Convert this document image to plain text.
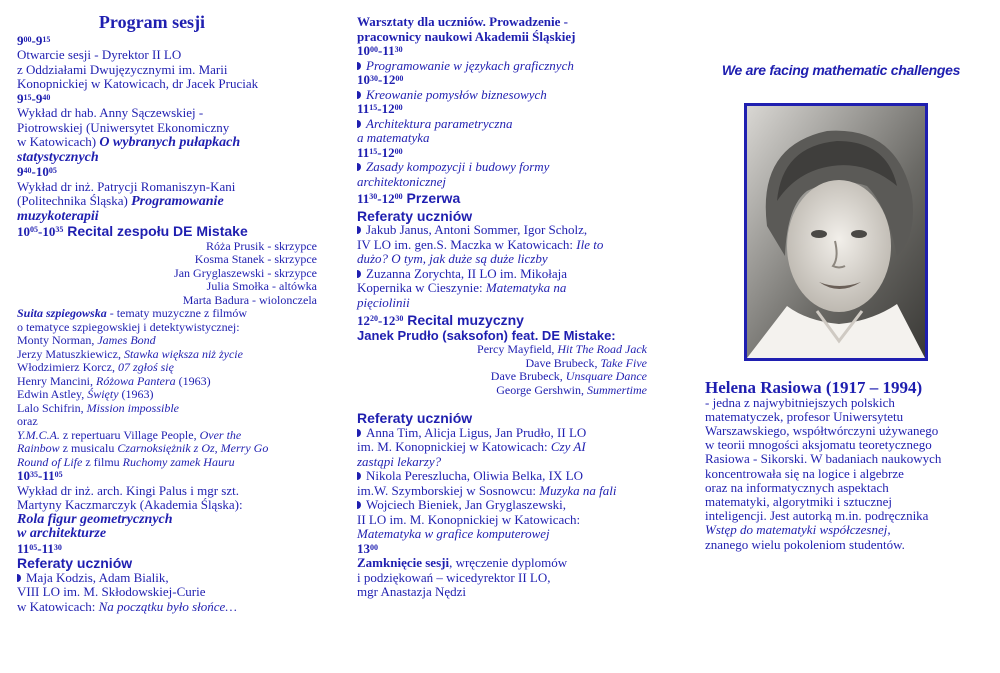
Program sesji
$9^{00}-9^{15}$
Otwarcie sesji - Dyrektor II LO
z Oddziałami Dwujęzycznymi im. Marii
Konopnickiej w Katowicach, dr Jacek Pruciak
$9^{15}-9^{40}$
Wykład dr hab. Anny Sączewskiej -
Piotrowskiej (Uniwersytet Ekonomiczny
w Katowicach) O wybranych pułapkach
statystycznych
$9^{40}-10^{05}$
Wykład dr inż. Patrycji Romaniszyn-Kani
(Politechnika Śląska) Programowanie
muzykoterapii
$10^{05}-10^{35}$ Recital zespołu DE Mistake
Róża Prusik - skrzypce
Kosma Stanek - skrzypce
Jan Gryglaszewski - skrzypce
Julia Smołka - altówka
Marta Badura - wiolonczela
Suita szpiegowska - tematy muzyczne z filmów
o tematyce szpiegowskiej i detektywistycznej:
Monty Norman, James Bond
Jerzy Matuszkiewicz, Stawka większa niż życie
Włodzimierz Korcz, 07 zgłoś się
Henry Mancini, Różowa Pantera (1963)
Edwin Astley, Święty (1963)
Lalo Schifrin, Mission impossible
oraz
Y.M.C.A. z repertuaru Village People, Over the
Rainbow z musicalu Czarnoksiężnik z Oz, Merry Go
Round of Life z filmu Ruchomy zamek Hauru
$10^{35}-11^{05}$
Wykład dr inż. arch. Kingi Palus i mgr szt.
Martyny Kaczmarczyk (Akademia Śląska):
Rola figur geometrycznych
w architekturze
$11^{05}-11^{30}$
Referaty uczniów
Maja Kodzis, Adam Bialik,
VIII LO im. M. Skłodowskiej-Curie
w Katowicach: Na początku było słońce…
Warsztaty dla uczniów. Prowadzenie -
pracownicy naukowi Akademii Śląskiej
$10^{00}-11^{30}$
Programowanie w językach graficznych
$10^{30}-12^{00}$
Kreowanie pomysłów biznesowych
$11^{15}-12^{00}$
Architektura parametryczna
a matematyka
$11^{15}-12^{00}$
Zasady kompozycji i budowy formy
architektonicznej
$11^{30}-12^{00}$ Przerwa
Referaty uczniów
Jakub Janus, Antoni Sommer, Igor Scholz,
IV LO im. gen.S. Maczka w Katowicach: Ile to
dużo? O tym, jak duże są duże liczby
Zuzanna Zorychta, II LO im. Mikołaja
Kopernika w Cieszynie: Matematyka na
pięciolinii
$12^{20}-12^{30}$ Recital muzyczny
Janek Prudło (saksofon) feat. DE Mistake:
Percy Mayfield, Hit The Road Jack
Dave Brubeck, Take Five
Dave Brubeck, Unsquare Dance
George Gershwin, Summertime
Referaty uczniów
Anna Tim, Alicja Ligus, Jan Prudło, II LO
im. M. Konopnickiej w Katowicach: Czy AI
zastąpi lekarzy?
Nikola Pereszlucha, Oliwia Belka, IX LO
im.W. Szymborskiej w Sosnowcu: Muzyka na fali
Wojciech Bieniek, Jan Gryglaszewski,
II LO im. M. Konopnickiej w Katowicach:
Matematyka w grafice komputerowej
$13^{00}$
Zamknięcie sesji, wręczenie dyplomów
i podziękowań – wicedyrektor II LO,
mgr Anastazja Nędzi
We are facing mathematic challenges
Helena Rasiowa (1917 – 1994)
- jedna z najwybitniejszych polskich
matematyczek, profesor Uniwersytetu
Warszawskiego, współtwórczyni używanego
w teorii mnogości aksjomatu teoretycznego
Rasiowa - Sikorski. W badaniach naukowych
koncentrowała się na logice i algebrze
oraz na informatycznych aspektach
matematyki, algorytmiki i sztucznej
inteligencji. Jest autorką m.in. podręcznika
Wstęp do matematyki współczesnej,
znanego wielu pokoleniom studentów.
